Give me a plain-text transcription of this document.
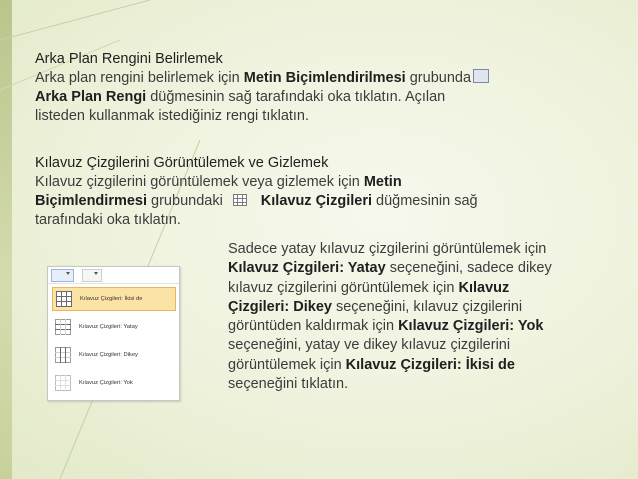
Arka Plan Rengini Belirlemek

Arka plan rengini belirlemek için Metin Biçimlendirilmesi grubunda

Arka Plan Rengi düğmesinin sağ tarafındaki oka tıklatın. Açılan

listeden kullanmak istediğiniz rengi tıklatın.

Kılavuz Çizgilerini Görüntülemek ve Gizlemek

Kılavuz çizgilerini görüntülemek veya gizlemek için Metin

Biçimlendirmesi grubundaki	Kılavuz Çizgileri düğmesinin sağ

tarafındaki oka tıklatın.

Sadece yatay kılavuz çizgilerini görüntülemek için Kılavuz Çizgileri: Yatay seçeneğini, sadece dikey kılavuz çizgilerini görüntülemek için Kılavuz Çizgileri: Dikey seçeneğini, kılavuz çizgilerini görüntüden kaldırmak için Kılavuz Çizgileri: Yok seçeneğini, yatay ve dikey kılavuz çizgilerini görüntülemek için Kılavuz Çizgileri: İkisi de seçeneğini tıklatın.

Kılavuz Çizgileri: İkisi de
Kılavuz Çizgileri: Yatay
Kılavuz Çizgileri: Dikey
Kılavuz Çizgileri: Yok
